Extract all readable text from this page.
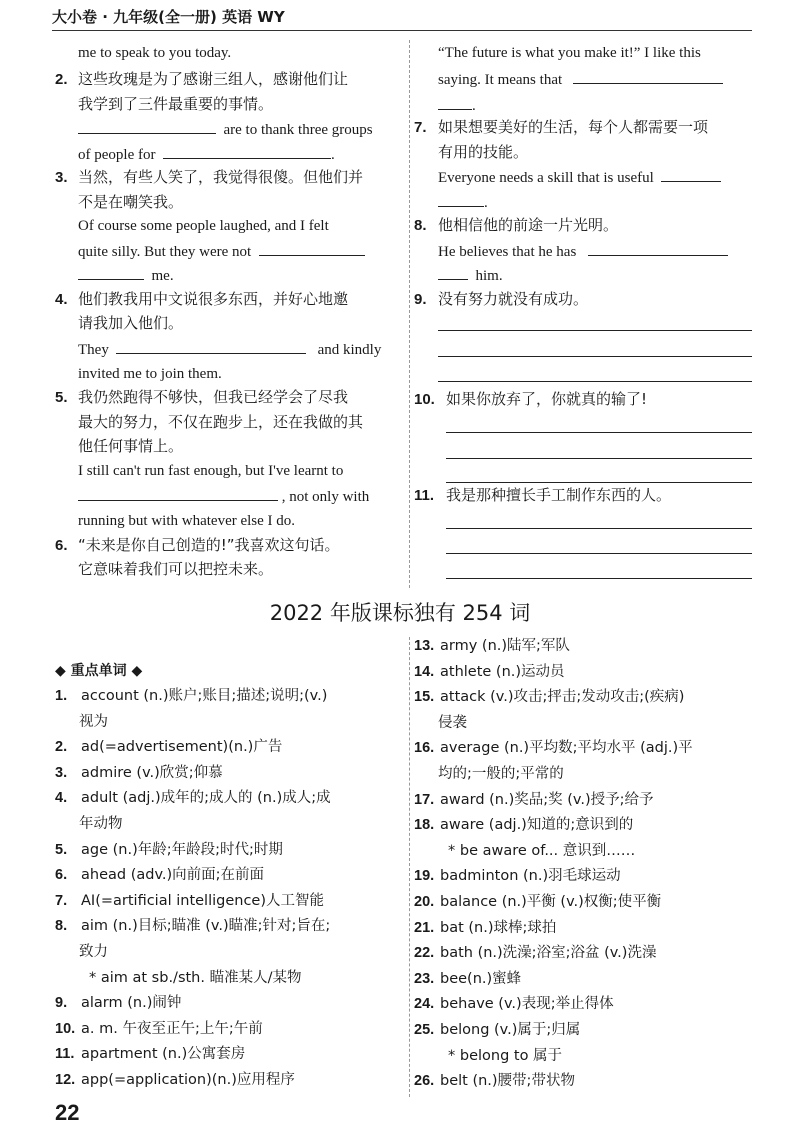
大小卷 · 九年级(全一册) 英语 WY
me to speak to you today.
2. 这些玫瑰是为了感谢三组人，感谢他们让
我学到了三件最重要的事情。
are to thank three groups
of people for	.
3. 当然，有些人笑了，我觉得很傻。但他们并
不是在嘲笑我。
Of course some people laughed, and I felt
quite silly. But they were not
me.
4. 他们教我用中文说很多东西，并好心地邀
请我加入他们。
They	and kindly
invited me to join them.
5. 我仍然跑得不够快，但我已经学会了尽我
最大的努力，不仅在跑步上，还在我做的其
他任何事情上。
I still can't run fast enough, but I've learnt to
, not only with
running but with whatever else I do.
6. “未来是你自己创造的!”我喜欢这句话。
它意味着我们可以把控未来。
“The future is what you make it!” I like this
saying. It means that
.
7. 如果想要美好的生活，每个人都需要一项
有用的技能。
Everyone needs a skill that is useful
.
8. 他相信他的前途一片光明。
He believes that he has
him.
9. 没有努力就没有成功。
10. 如果你放弃了，你就真的输了!
11. 我是那种擅长手工制作东西的人。
2022 年版课标独有 254 词
◆ 重点单词 ◆
1. account (n.)账户;账目;描述;说明;(v.)
视为
2. ad(=advertisement)(n.)广告
3. admire (v.)欣赏;仰慕
4. adult (adj.)成年的;成人的 (n.)成人;成
年动物
5. age (n.)年龄;年龄段;时代;时期
6. ahead (adv.)向前面;在前面
7. AI(=artificial intelligence)人工智能
8. aim (n.)目标;瞄准 (v.)瞄准;针对;旨在;
致力
* aim at sb./sth. 瞄准某人/某物
9. alarm (n.)闹钟
10. a. m. 午夜至正午;上午;午前
11. apartment (n.)公寓套房
12. app(=application)(n.)应用程序
13. army (n.)陆军;军队
14. athlete (n.)运动员
15. attack (v.)攻击;抨击;发动攻击;(疾病)
侵袭
16. average (n.)平均数;平均水平 (adj.)平
均的;一般的;平常的
17. award (n.)奖品;奖 (v.)授予;给予
18. aware (adj.)知道的;意识到的
* be aware of... 意识到……
19. badminton (n.)羽毛球运动
20. balance (n.)平衡 (v.)权衡;使平衡
21. bat (n.)球棒;球拍
22. bath (n.)洗澡;浴室;浴盆 (v.)洗澡
23. bee(n.)蜜蜂
24. behave (v.)表现;举止得体
25. belong (v.)属于;归属
* belong to 属于
26. belt (n.)腰带;带状物
22
